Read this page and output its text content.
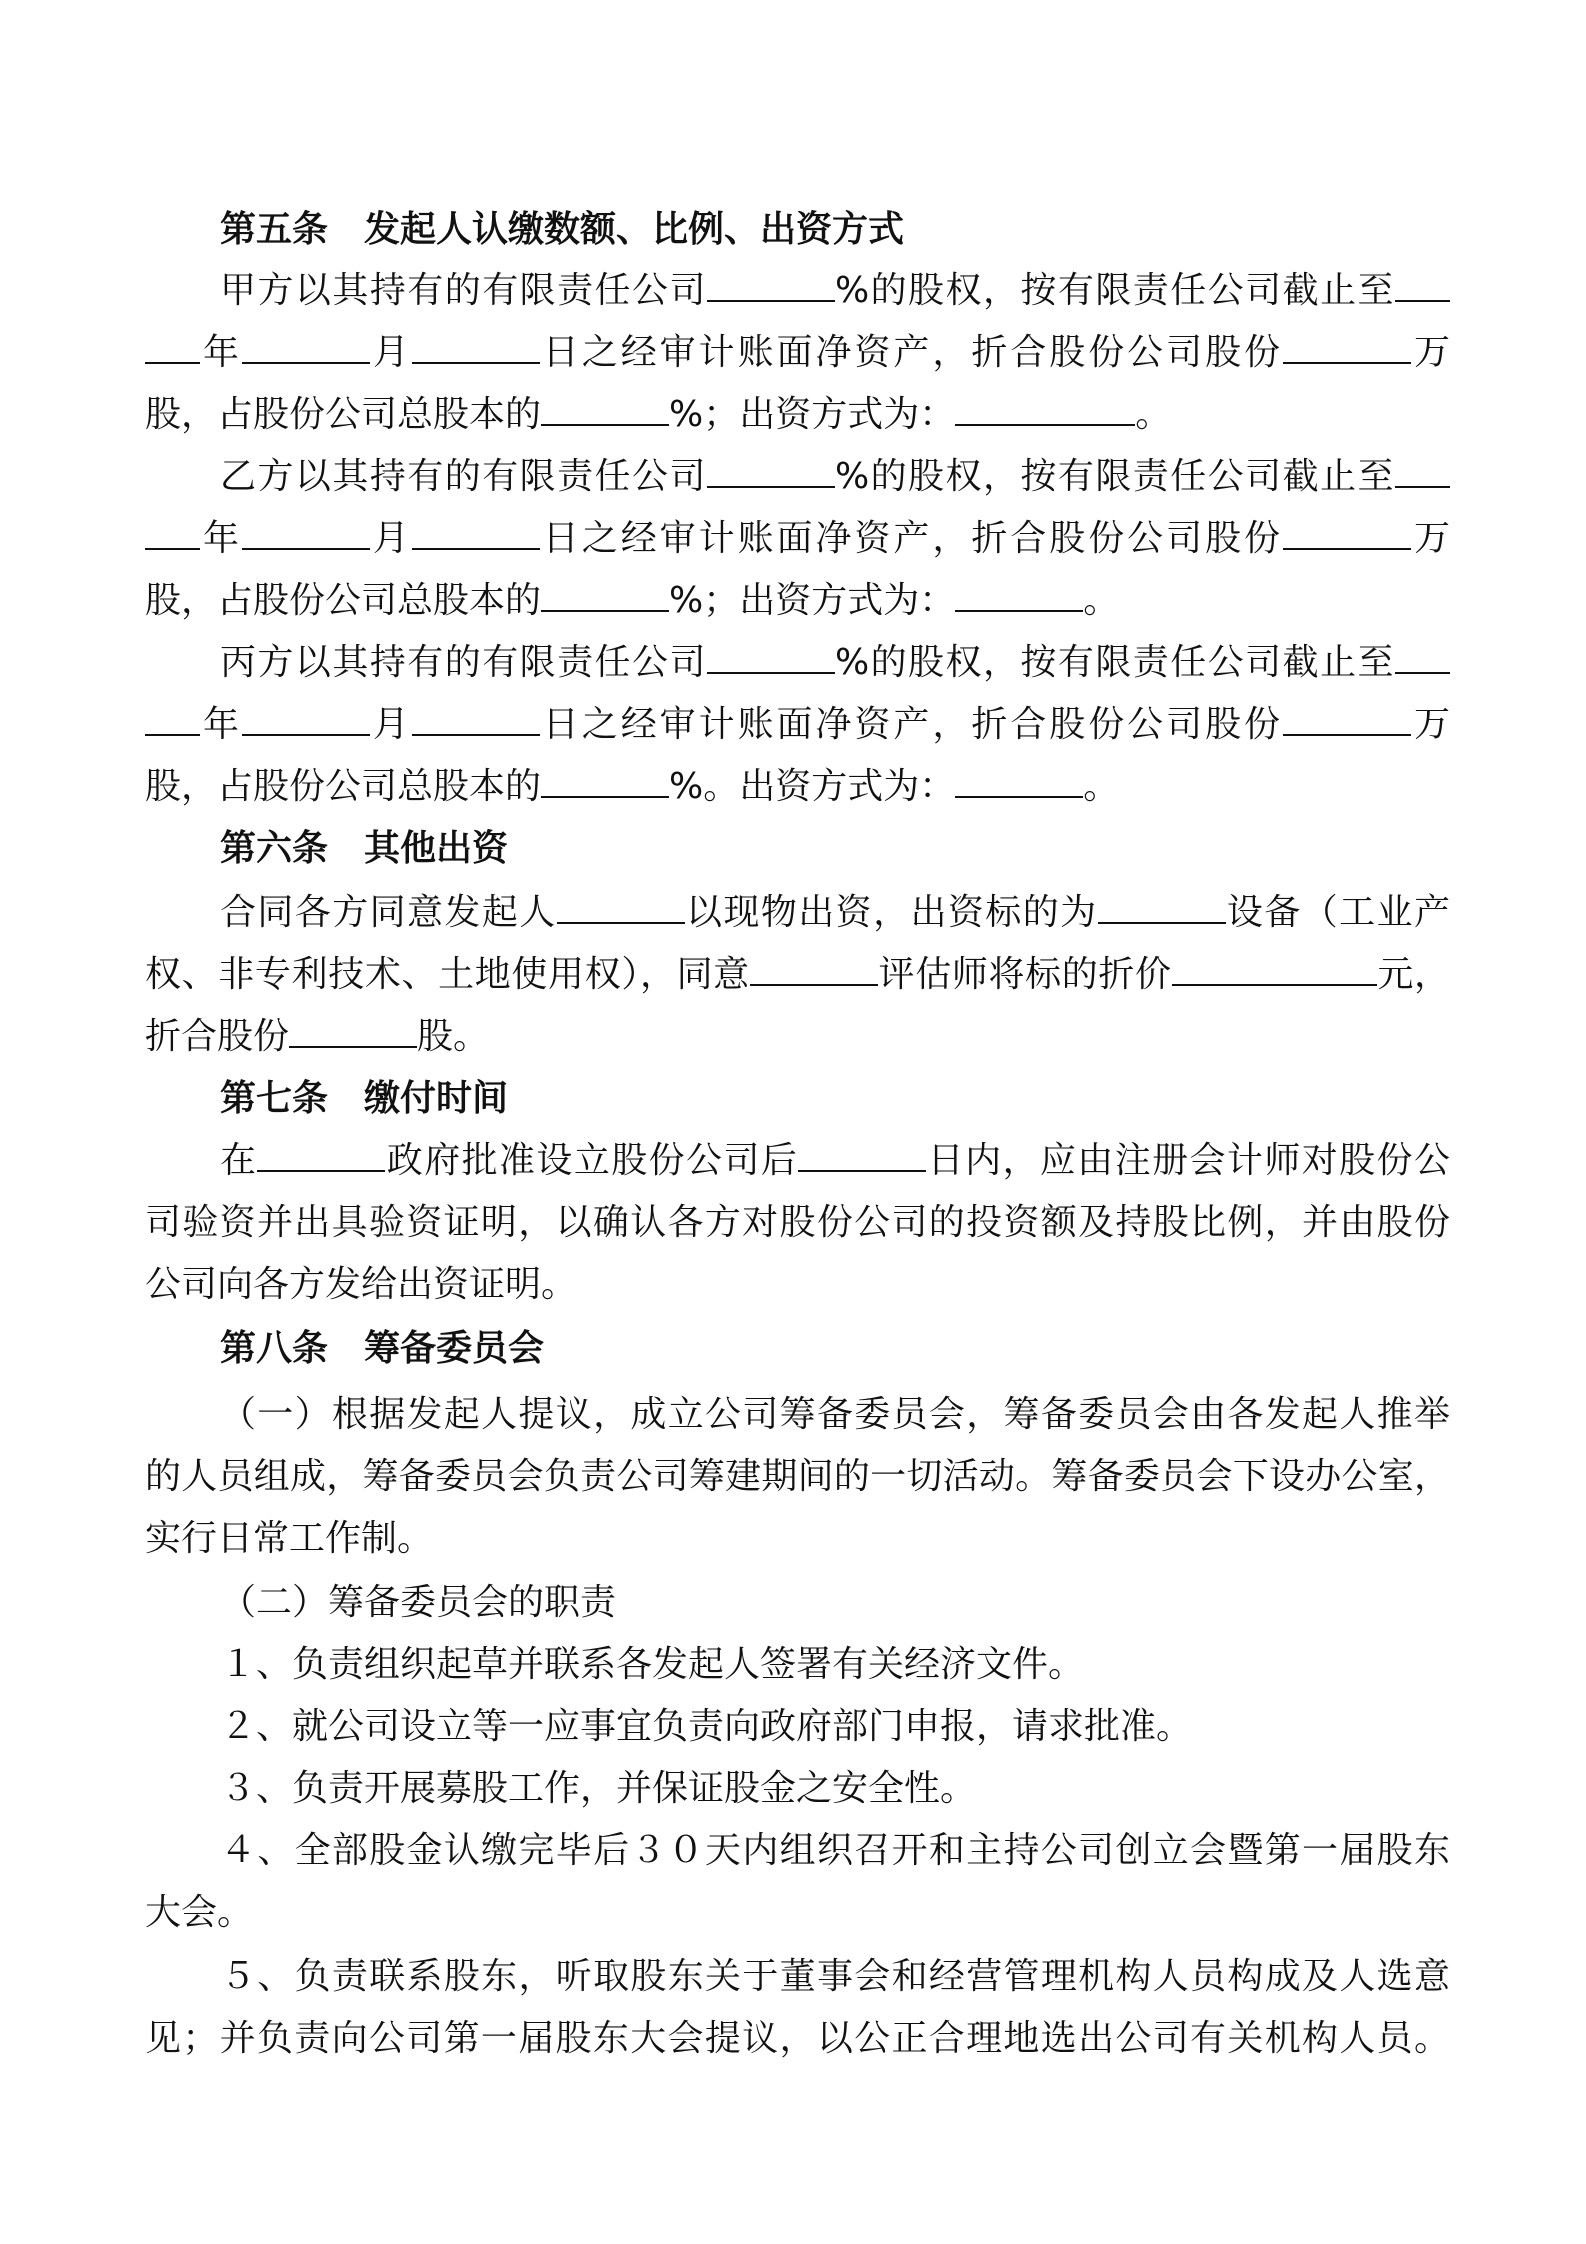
第五条　发起人认缴数额、比例、出资方式
甲方以其持有的有限责任公司	%的股权，按有限责任公司截止至
年	月	日之经审计账面净资产，折合股份公司股份	万
股，占股份公司总股本的	%；出资方式为：	。
乙方以其持有的有限责任公司	%的股权，按有限责任公司截止至
年	月	日之经审计账面净资产，折合股份公司股份	万
股，占股份公司总股本的	%；出资方式为：	。
丙方以其持有的有限责任公司	%的股权，按有限责任公司截止至
年	月	日之经审计账面净资产，折合股份公司股份	万
股，占股份公司总股本的	%。出资方式为：	。
第六条　其他出资
合同各方同意发起人	以现物出资，出资标的为	设备（工业产
权、非专利技术、土地使用权），同意	评估师将标的折价	元，
折合股份	股。
第七条　缴付时间
在	政府批准设立股份公司后	日内，应由注册会计师对股份公
司验资并出具验资证明，以确认各方对股份公司的投资额及持股比例，并由股份
公司向各方发给出资证明。
第八条　筹备委员会
（一）根据发起人提议，成立公司筹备委员会，筹备委员会由各发起人推举
的人员组成，筹备委员会负责公司筹建期间的一切活动。筹备委员会下设办公室，
实行日常工作制。
（二）筹备委员会的职责
１、负责组织起草并联系各发起人签署有关经济文件。
２、就公司设立等一应事宜负责向政府部门申报，请求批准。
３、负责开展募股工作，并保证股金之安全性。
４、全部股金认缴完毕后３０天内组织召开和主持公司创立会暨第一届股东
大会。
５、负责联系股东，听取股东关于董事会和经营管理机构人员构成及人选意
见；并负责向公司第一届股东大会提议，以公正合理地选出公司有关机构人员。
